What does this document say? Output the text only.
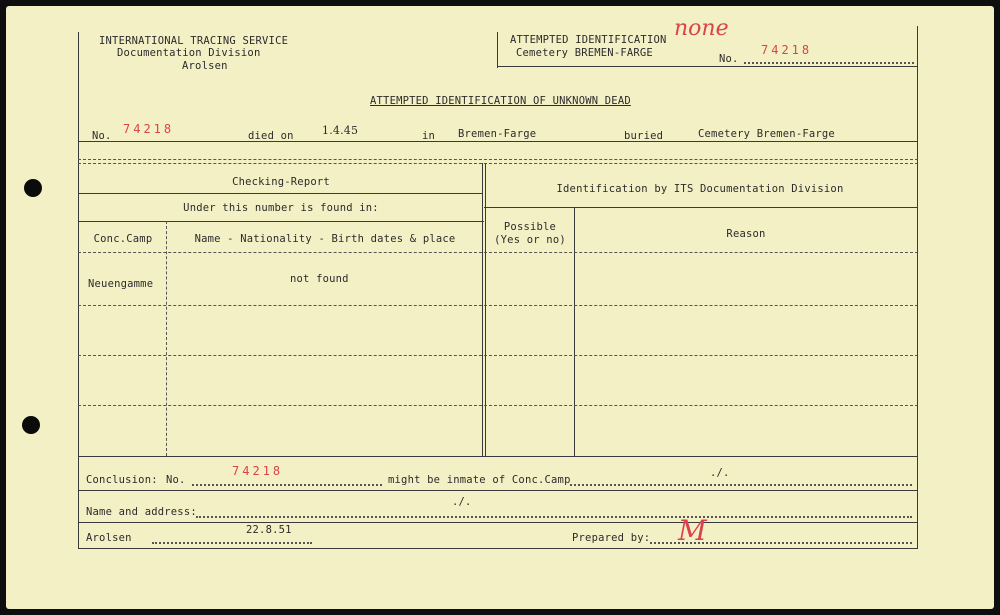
INTERNATIONAL TRACING SERVICE
Documentation Division
Arolsen
ATTEMPTED IDENTIFICATION none
Cemetery BREMEN-FARGE	No.
74218
ATTEMPTED IDENTIFICATION OF UNKNOWN DEAD
No. 74218	died on	1.4.45	in Bremen-Farge	buried	Cemetery Bremen-Farge
Checking-Report
Under this number is found in:
Identification by ITS Documentation Division
Conc.Camp	Name - Nationality - Birth dates & place
Possible
(Yes or no)	Reason
Neuengamme	not found
Conclusion: No.
74218
might be inmate of Conc.Camp
./.
Name and address:
./.
Arolsen
22.8.51
Prepared by: M
